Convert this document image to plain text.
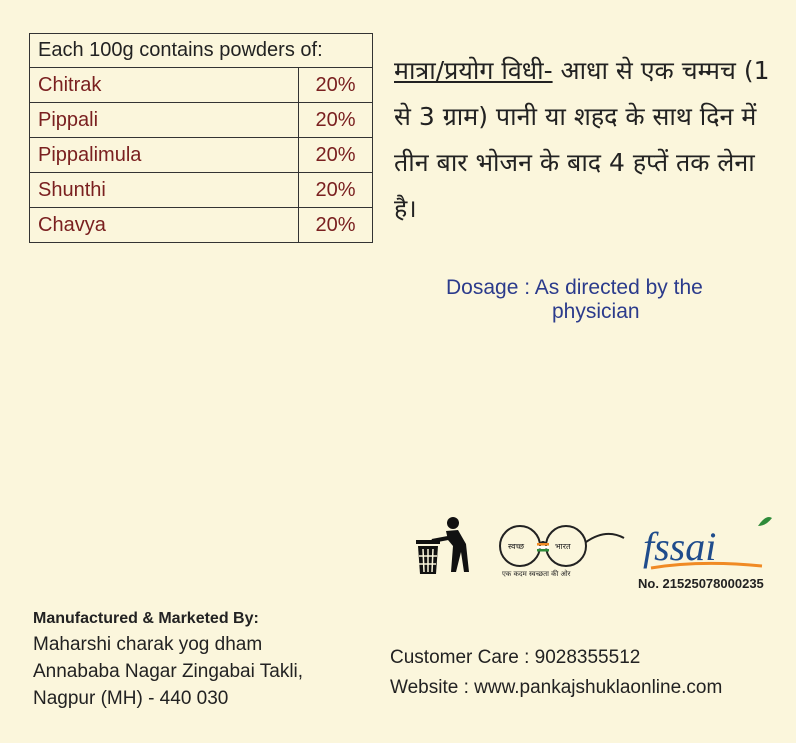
Each 100g contains powders of:	
Chitrak	20%
Pippali	20%
Pippalimula	20%
Shunthi	20%
Chavya	20%
मात्रा/प्रयोग विधी- आधा से एक चम्मच (1 से 3 ग्राम) पानी या शहद के साथ दिन में तीन बार भोजन के बाद 4 हप्तें तक लेना है।
Dosage : As directed by the
physician
स्वच्छ	भारत
एक कदम स्वच्छता की ओर
fssai
No. 21525078000235
Manufactured & Marketed By:
Maharshi charak yog dham
Annababa Nagar Zingabai Takli,
Nagpur (MH) - 440 030
Customer Care : 9028355512
Website : www.pankajshuklaonline.com
